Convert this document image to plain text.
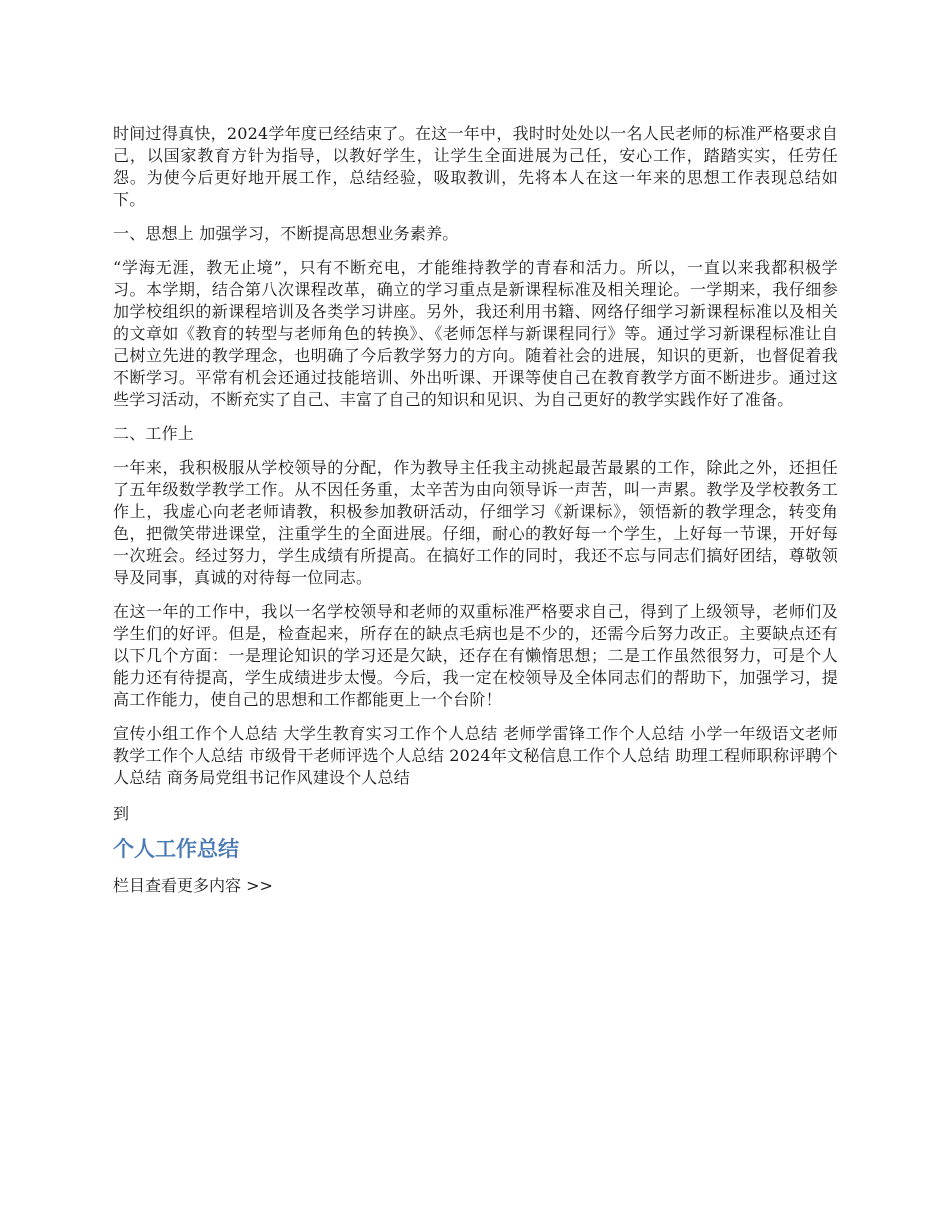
时间过得真快，2024学年度已经结束了。在这一年中，我时时处处以一名人民老师的标准严格要求自己，以国家教育方针为指导，以教好学生，让学生全面进展为己任，安心工作，踏踏实实，任劳任怨。为使今后更好地开展工作，总结经验，吸取教训，先将本人在这一年来的思想工作表现总结如下。

一、思想上 加强学习，不断提高思想业务素养。

“学海无涯，教无止境”，只有不断充电，才能维持教学的青春和活力。所以，一直以来我都积极学习。本学期，结合第八次课程改革，确立的学习重点是新课程标准及相关理论。一学期来，我仔细参加学校组织的新课程培训及各类学习讲座。另外，我还利用书籍、网络仔细学习新课程标准以及相关的文章如《教育的转型与老师角色的转换》、《老师怎样与新课程同行》等。通过学习新课程标准让自己树立先进的教学理念，也明确了今后教学努力的方向。随着社会的进展，知识的更新，也督促着我不断学习。平常有机会还通过技能培训、外出听课、开课等使自己在教育教学方面不断进步。通过这些学习活动，不断充实了自己、丰富了自己的知识和见识、为自己更好的教学实践作好了准备。

二、工作上

一年来，我积极服从学校领导的分配，作为教导主任我主动挑起最苦最累的工作，除此之外，还担任了五年级数学教学工作。从不因任务重，太辛苦为由向领导诉一声苦，叫一声累。教学及学校教务工作上，我虚心向老老师请教，积极参加教研活动，仔细学习《新课标》，领悟新的教学理念，转变角色，把微笑带进课堂，注重学生的全面进展。仔细，耐心的教好每一个学生，上好每一节课，开好每一次班会。经过努力，学生成绩有所提高。在搞好工作的同时，我还不忘与同志们搞好团结，尊敬领导及同事，真诚的对待每一位同志。

在这一年的工作中，我以一名学校领导和老师的双重标准严格要求自己，得到了上级领导，老师们及学生们的好评。但是，检查起来，所存在的缺点毛病也是不少的，还需今后努力改正。主要缺点还有以下几个方面：一是理论知识的学习还是欠缺，还存在有懒惰思想；二是工作虽然很努力，可是个人能力还有待提高，学生成绩进步太慢。今后，我一定在校领导及全体同志们的帮助下，加强学习，提高工作能力，使自己的思想和工作都能更上一个台阶！

宣传小组工作个人总结 大学生教育实习工作个人总结 老师学雷锋工作个人总结 小学一年级语文老师教学工作个人总结 市级骨干老师评选个人总结 2024年文秘信息工作个人总结 助理工程师职称评聘个人总结 商务局党组书记作风建设个人总结

到

个人工作总结
栏目查看更多内容 >>
